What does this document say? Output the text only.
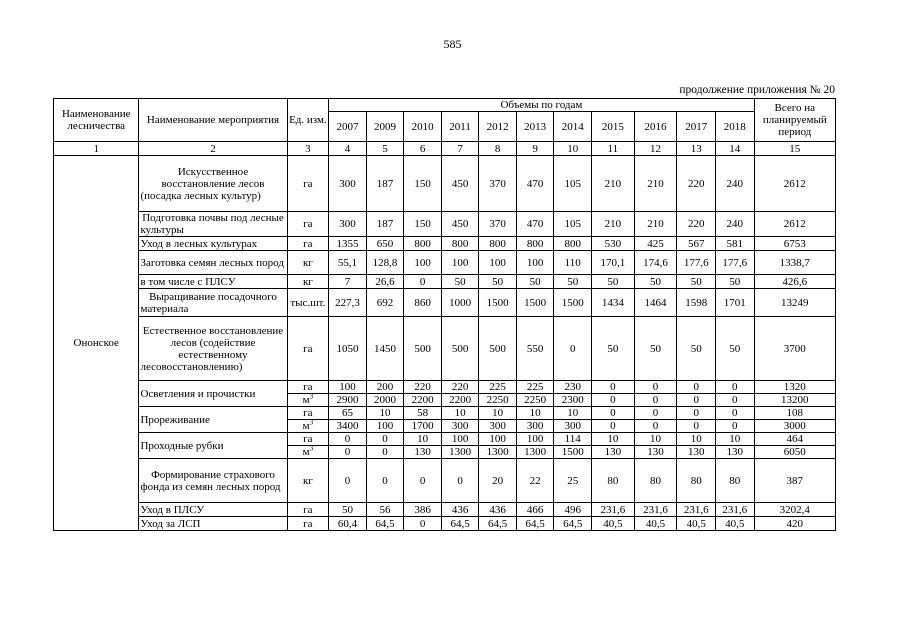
585
продолжение приложения № 20
Наименование лесничества	Наименование мероприятия	Ед. изм.	Объемы по годам											Всего на планируемый период
			2007	2009	2010	2011	2012	2013	2014	2015	2016	2017	2018	
1	2	3	4	5	6	7	8	9	10	11	12	13	14	15
Ононское	Искусственное восстановление лесов (посадка лесных культур)	га	300	187	150	450	370	470	105	210	210	220	240	2612
	Подготовка почвы под лесные культуры	га	300	187	150	450	370	470	105	210	210	220	240	2612
	Уход в лесных культурах	га	1355	650	800	800	800	800	800	530	425	567	581	6753
	Заготовка семян лесных пород	кг	55,1	128,8	100	100	100	100	110	170,1	174,6	177,6	177,6	1338,7
	в том числе с ПЛСУ	кг	7	26,6	0	50	50	50	50	50	50	50	50	426,6
	Выращивание посадочного материала	тыс.шт.	227,3	692	860	1000	1500	1500	1500	1434	1464	1598	1701	13249
	Естественное восстановление лесов (содействие естественному лесовосстановлению)	га	1050	1450	500	500	500	550	0	50	50	50	50	3700
	Осветления и прочистки	га	100	200	220	220	225	225	230	0	0	0	0	1320
		$м^3$	2900	2000	2200	2200	2250	2250	2300	0	0	0	0	13200
	Прореживание	га	65	10	58	10	10	10	10	0	0	0	0	108
		$м^3$	3400	100	1700	300	300	300	300	0	0	0	0	3000
	Проходные рубки	га	0	0	10	100	100	100	114	10	10	10	10	464
		$м^3$	0	0	130	1300	1300	1300	1500	130	130	130	130	6050
	Формирование страхового фонда из семян лесных пород	кг	0	0	0	0	20	22	25	80	80	80	80	387
	Уход в ПЛСУ	га	50	56	386	436	436	466	496	231,6	231,6	231,6	231,6	3202,4
	Уход за ЛСП	га	60,4	64,5	0	64,5	64,5	64,5	64,5	40,5	40,5	40,5	40,5	420
